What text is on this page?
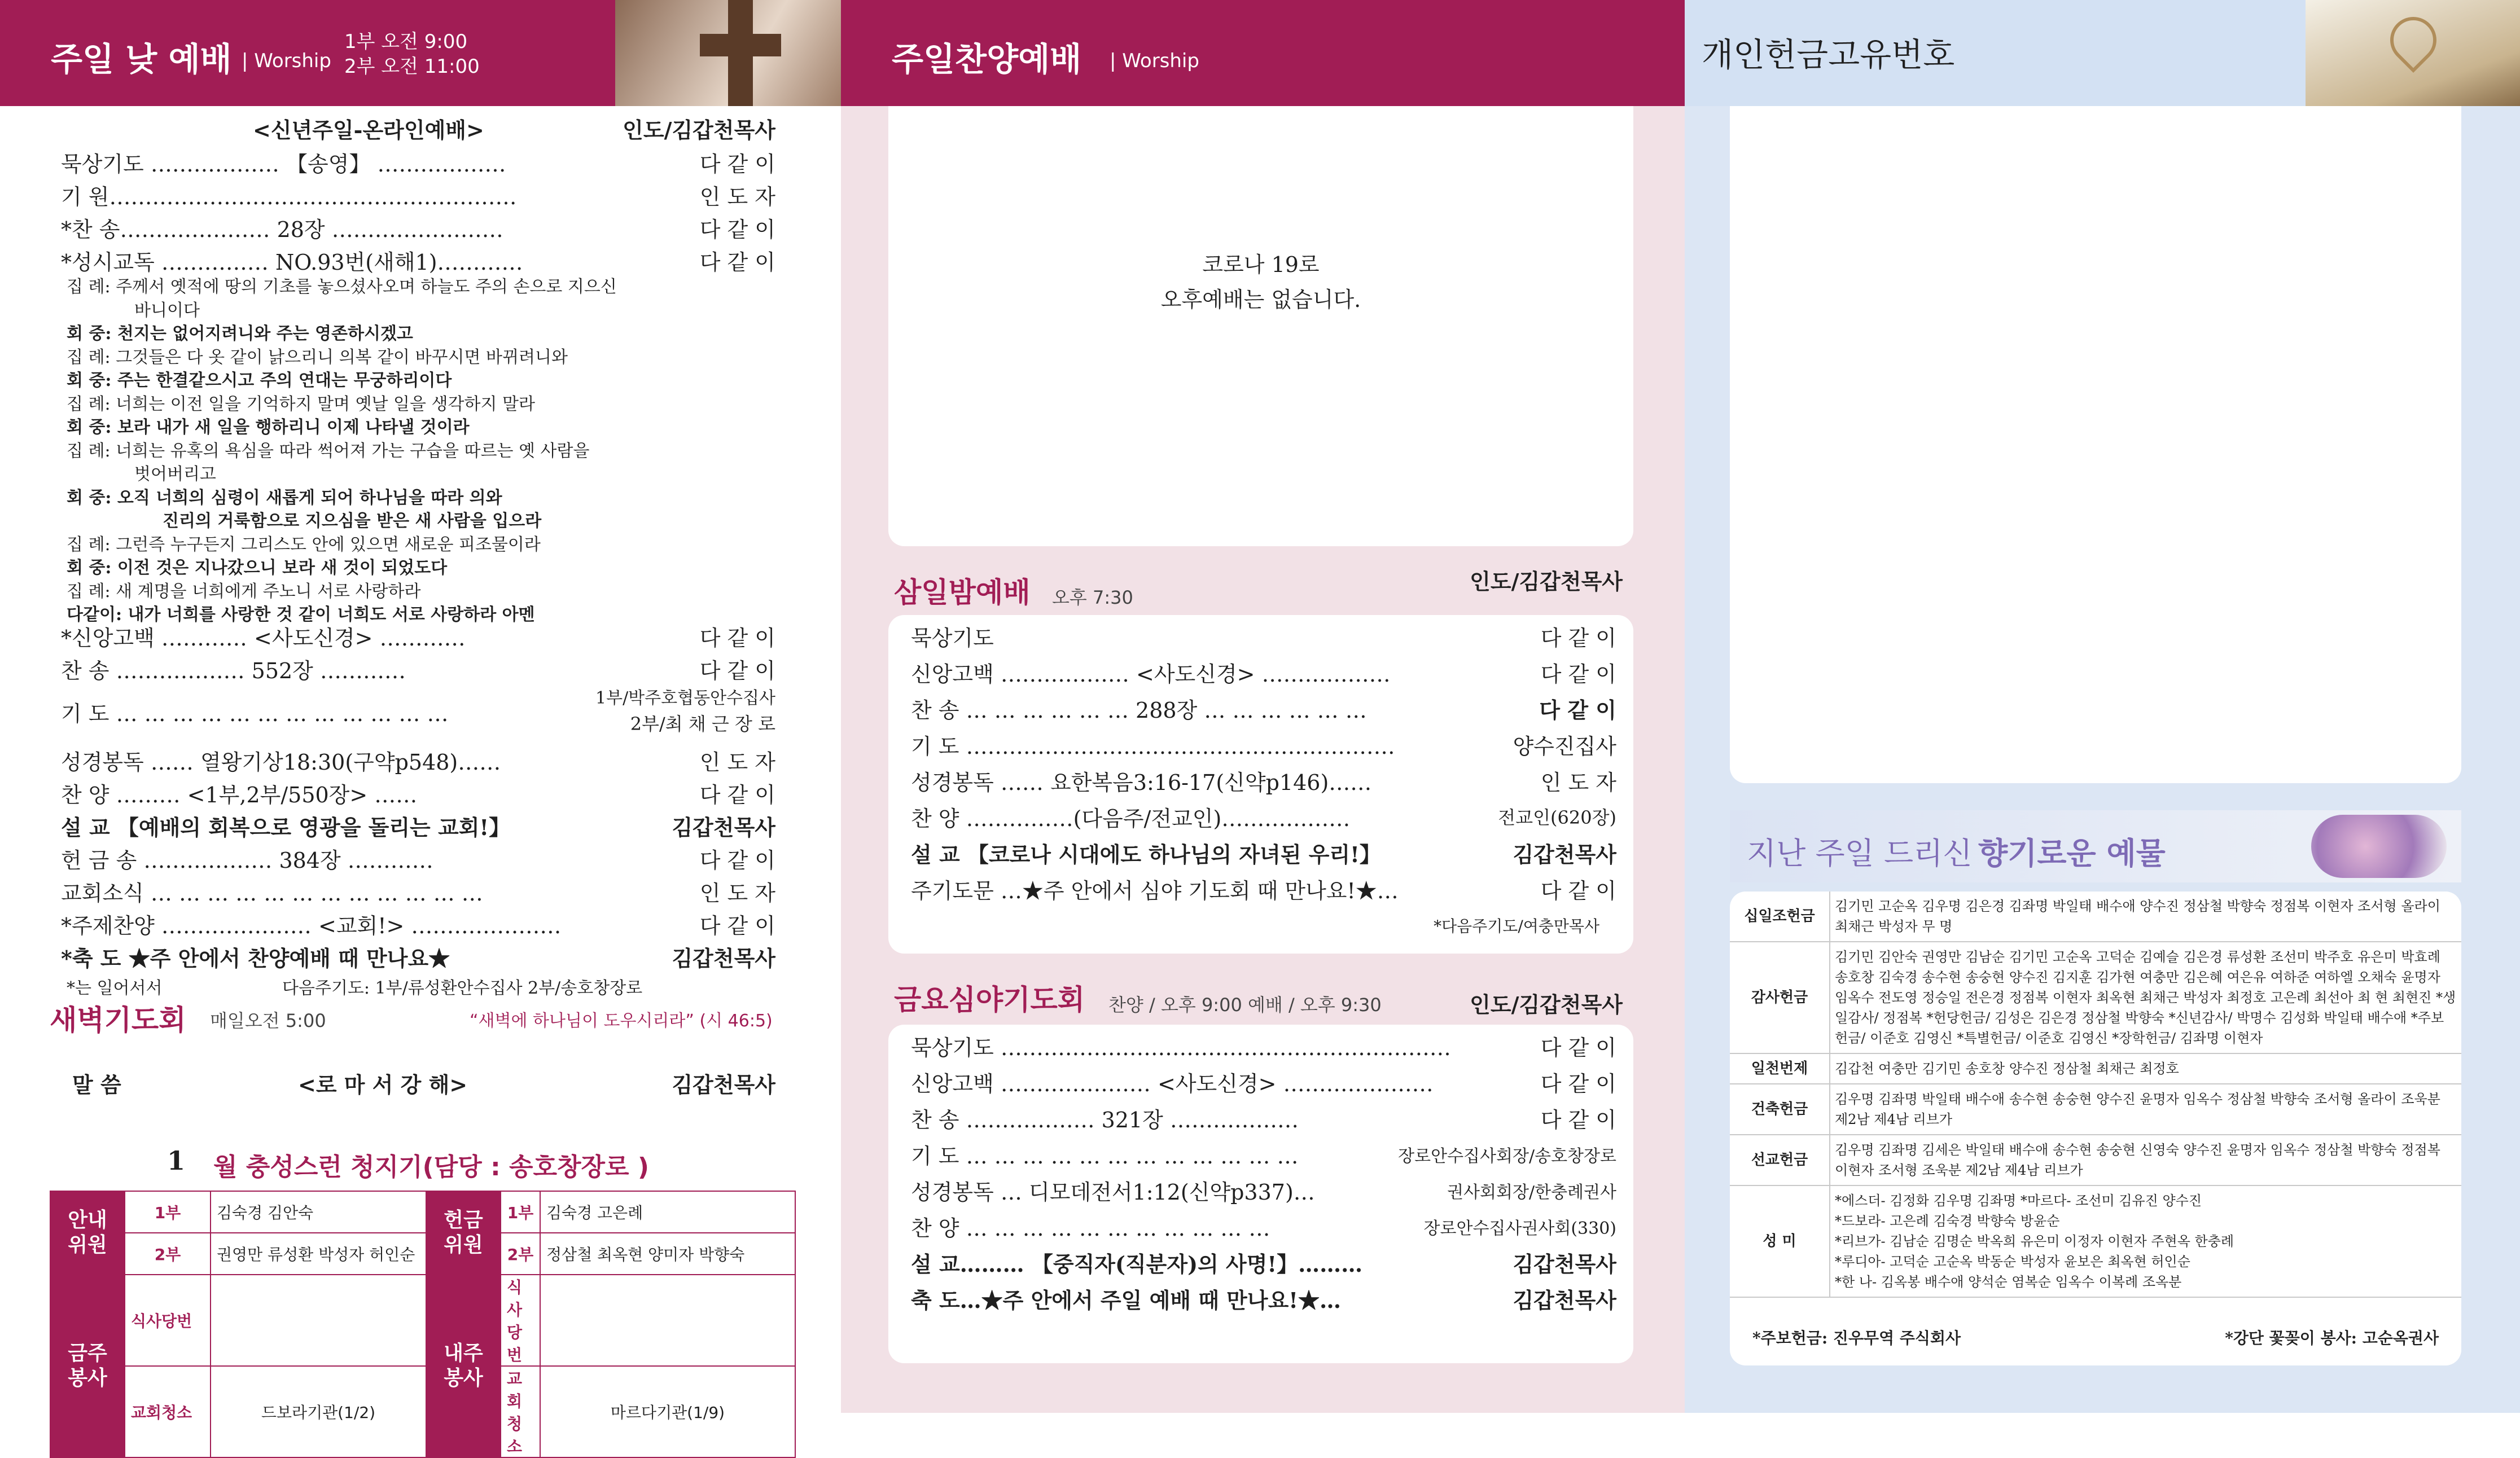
주일 낮 예배 | Worship
1부 오전 9:00
2부 오전 11:00
<신년주일-온라인예배>	인도/김갑천목사
묵상기도 ……………… 【송영】 ………………	다 같 이
기 원…………………………………………………	인 도 자
*찬 송………………… 28장 ……………………	다 같 이
*성시교독 …………… NO.93번(새해1)…………	다 같 이
집 례: 주께서 옛적에 땅의 기초를 놓으셨사오며 하늘도 주의 손으로 지으신
바니이다
회 중: 천지는 없어지려니와 주는 영존하시겠고
집 례: 그것들은 다 옷 같이 낡으리니 의복 같이 바꾸시면 바뀌려니와
회 중: 주는 한결같으시고 주의 연대는 무궁하리이다
집 례: 너희는 이전 일을 기억하지 말며 옛날 일을 생각하지 말라
회 중: 보라 내가 새 일을 행하리니 이제 나타낼 것이라
집 례: 너희는 유혹의 욕심을 따라 썩어져 가는 구습을 따르는 옛 사람을
벗어버리고
회 중: 오직 너희의 심령이 새롭게 되어 하나님을 따라 의와
진리의 거룩함으로 지으심을 받은 새 사람을 입으라
집 례: 그런즉 누구든지 그리스도 안에 있으면 새로운 피조물이라
회 중: 이전 것은 지나갔으니 보라 새 것이 되었도다
집 례: 새 계명을 너희에게 주노니 서로 사랑하라
다같이: 내가 너희를 사랑한 것 같이 너희도 서로 사랑하라 아멘
*신앙고백 ………… <사도신경> …………	다 같 이
찬 송 ……………… 552장 …………	다 같 이
기 도 … … … … … … … … … … … …
1부/박주호협동안수집사
2부/최 채 근 장 로
성경봉독 …… 열왕기상18:30(구약p548)……	인 도 자
찬 양 ……… <1부,2부/550장> ……	다 같 이
설 교 【예배의 회복으로 영광을 돌리는 교회!】	김갑천목사
헌 금 송 ……………… 384장 …………	다 같 이
교회소식 … … … … … … … … … … … …	인 도 자
*주제찬양 ………………… <교회!> …………………	다 같 이
*축 도 ★주 안에서 찬양예배 때 만나요★	김갑천목사
*는 일어서서	다음주기도: 1부/류성환안수집사 2부/송호창장로
새벽기도회 매일오전 5:00	“새벽에 하나님이 도우시리라” (시 46:5)
말 씀	<로 마 서 강 해>	김갑천목사
1 월 충성스런 청지기(담당 : 송호창장로 )
안내 위원	1부	김숙경 김안숙	헌금 위원	1부	김숙경 고은례
	2부	권영만 류성환 박성자 허인순		2부	정삼철 최옥현 양미자 박향숙
금주 봉사	식사당번		내주 봉사	식사당번	
	교회청소	드보라기관(1/2)		교회청소	마르다기관(1/9)
주일찬양예배 | Worship
코로나 19로
오후예배는 없습니다.
삼일밤예배 오후 7:30
인도/김갑천목사
묵상기도	다 같 이
신앙고백 ……………… <사도신경> ………………	다 같 이
찬 송 … … … … … … 288장 … … … … … …	다 같 이
기 도 ……………………………………………………	양수진집사
성경봉독 …… 요한복음3:16-17(신약p146)……	인 도 자
찬 양 ……………(다음주/전교인)………………	전교인(620장)
설 교 【코로나 시대에도 하나님의 자녀된 우리!】	김갑천목사
주기도문 …★주 안에서 심야 기도회 때 만나요!★…	다 같 이
*다음주기도/여충만목사
금요심야기도회 찬양 / 오후 9:00 예배 / 오후 9:30	인도/김갑천목사
묵상기도 ………………………………………………………	다 같 이
신앙고백 ………………… <사도신경> …………………	다 같 이
찬 송 ……………… 321장 ………………	다 같 이
기 도 … … … … … … … … … … … …	장로안수집사회장/송호창장로
성경봉독 … 디모데전서1:12(신약p337)…	권사회회장/한충례권사
찬 양 … … … … … … … … … … …	장로안수집사권사회(330)
설 교……… 【중직자(직분자)의 사명!】………	김갑천목사
축 도…★주 안에서 주일 예배 때 만나요!★…	김갑천목사
개인헌금고유번호
지난 주일 드리신 향기로운 예물
십일조헌금	김기민 고순옥 김우명 김은경 김좌명 박일태 배수애 양수진 정삼철 박향숙 정점복 이현자 조서형 올라이 최채근 박성자 무 명
감사헌금	김기민 김안숙 권영만 김남순 김기민 고순옥 고덕순 김예슬 김은경 류성환 조선미 박주호 유은미 박효례 송호창 김숙경 송수현 송숭현 양수진 김지훈 김가현 여충만 김은혜 여은유 여하준 여하엘 오채숙 윤명자 임옥수 전도영 정승일 전은경 정점복 이현자 최옥현 최채근 박성자 최정호 고은례 최선아 최 현 최현진 *생일감사/ 정점복 *헌당헌금/ 김성은 김은경 정삼철 박향숙 *신년감사/ 박명수 김성화 박일태 배수애 *주보헌금/ 이준호 김영신 *특별헌금/ 이준호 김영신 *장학헌금/ 김좌명 이현자
일천번제	김갑천 여충만 김기민 송호창 양수진 정삼철 최채근 최정호
건축헌금	김우명 김좌명 박일태 배수애 송수현 송숭현 양수진 윤명자 임옥수 정삼철 박향숙 조서형 올라이 조욱분 제2남 제4남 리브가
선교헌금	김우명 김좌명 김세은 박일태 배수애 송수현 송숭현 신영숙 양수진 윤명자 임옥수 정삼철 박향숙 정점복 이현자 조서형 조욱분 제2남 제4남 리브가
성 미	*에스더- 김정화 김우명 김좌명 *마르다- 조선미 김유진 양수진
*드보라- 고은례 김숙경 박향숙 방윤순
*리브가- 김남순 김명순 박옥희 유은미 이정자 이현자 주현옥 한충례
*루디아- 고덕순 고순옥 박동순 박성자 윤보은 최옥현 허인순
*한 나- 김옥봉 배수애 양석순 염복순 임옥수 이복례 조옥분
*주보헌금: 진우무역 주식회사	*강단 꽃꽂이 봉사: 고순옥권사
